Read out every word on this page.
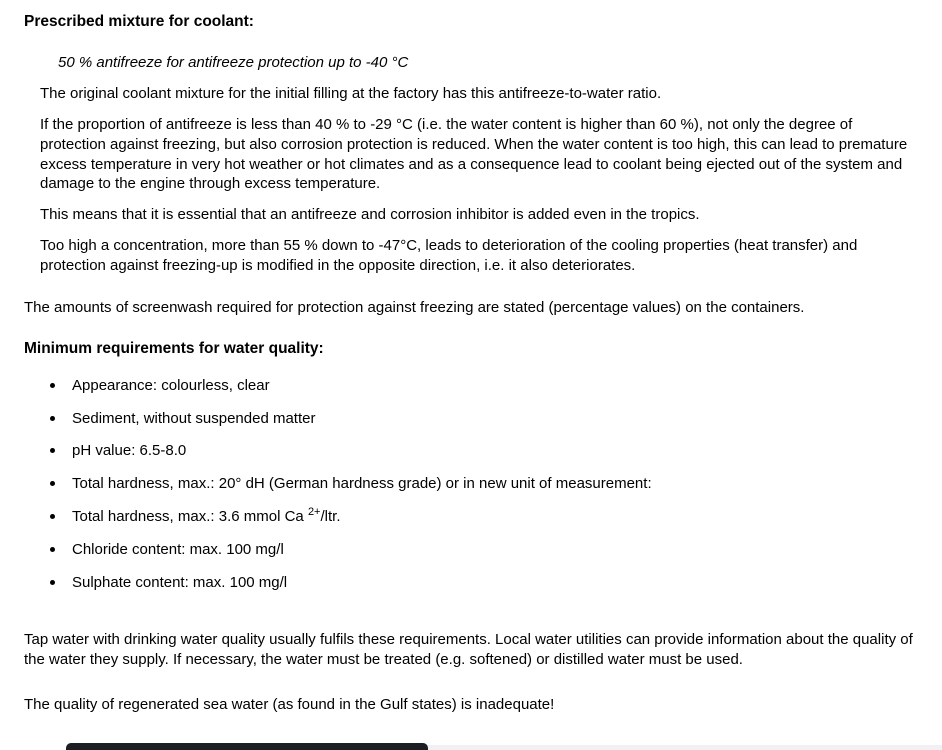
Prescribed mixture for coolant:
50 % antifreeze for antifreeze protection up to -40 °C

The original coolant mixture for the initial filling at the factory has this antifreeze-to-water ratio.

If the proportion of antifreeze is less than 40 % to -29 °C (i.e. the water content is higher than 60 %), not only the degree of protection against freezing, but also corrosion protection is reduced. When the water content is too high, this can lead to premature excess temperature in very hot weather or hot climates and as a consequence lead to coolant being ejected out of the system and damage to the engine through excess temperature.

This means that it is essential that an antifreeze and corrosion inhibitor is added even in the tropics.

Too high a concentration, more than 55 % down to -47°C, leads to deterioration of the cooling properties (heat transfer) and protection against freezing-up is modified in the opposite direction, i.e. it also deteriorates.

The amounts of screenwash required for protection against freezing are stated (percentage values) on the containers.

Minimum requirements for water quality:
Appearance: colourless, clear
Sediment, without suspended matter
pH value: 6.5-8.0
Total hardness, max.: 20° dH (German hardness grade) or in new unit of measurement:
Total hardness, max.: 3.6 mmol Ca $^{2+}$/ltr.
Chloride content: max. 100 mg/l
Sulphate content: max. 100 mg/l

Tap water with drinking water quality usually fulfils these requirements. Local water utilities can provide information about the quality of the water they supply. If necessary, the water must be treated (e.g. softened) or distilled water must be used.

The quality of regenerated sea water (as found in the Gulf states) is inadequate!
